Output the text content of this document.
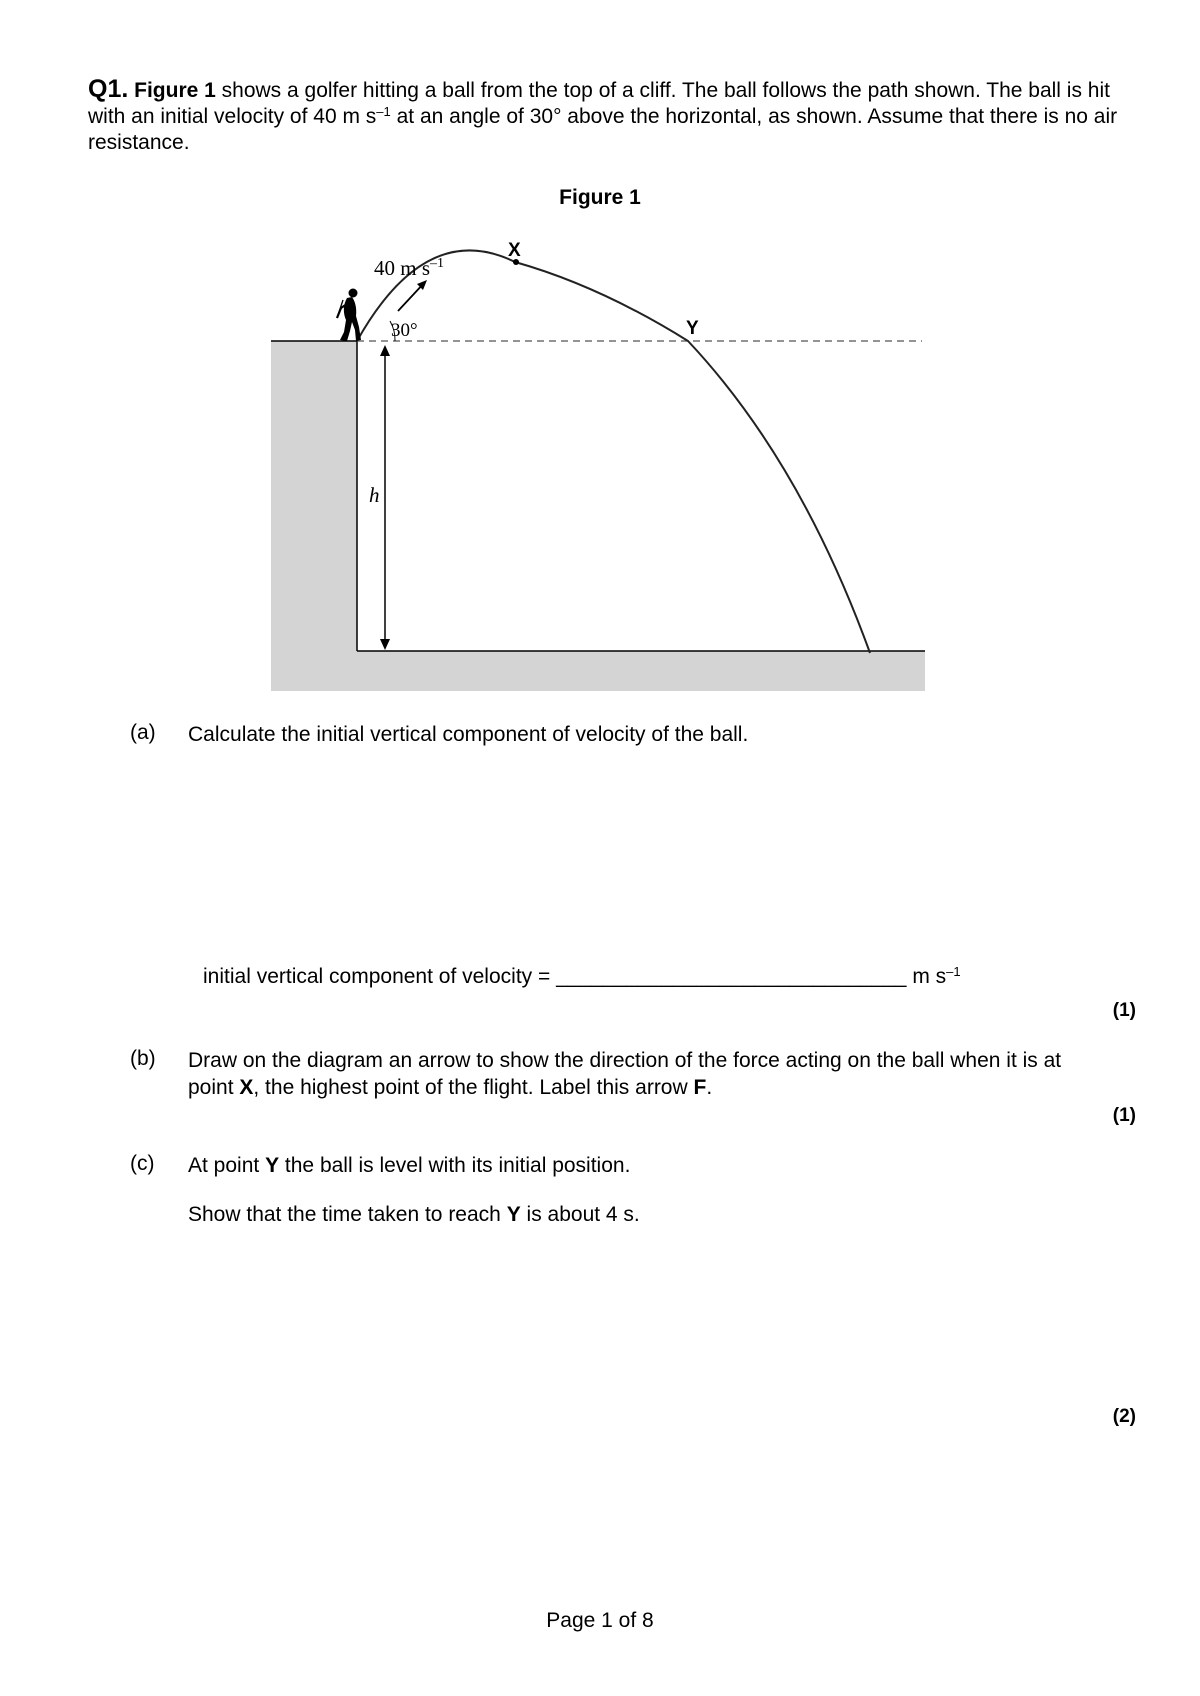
Q1. Figure 1 shows a golfer hitting a ball from the top of a cliff. The ball follows the path shown. The ball is hit with an initial velocity of 40 m $s^{-1}$ at an angle of 30° above the horizontal, as shown. Assume that there is no air resistance.
Figure 1
X
Y
40 m $s^{-1}$
30°
h
(a) Calculate the initial vertical component of velocity of the ball.
initial vertical component of velocity = ______________________________ m $s^{-1}$
(1)
(b) Draw on the diagram an arrow to show the direction of the force acting on the ball when it is at point X, the highest point of the flight. Label this arrow F.
(1)
(c) At point Y the ball is level with its initial position.
Show that the time taken to reach Y is about 4 s.
(2)
Page 1 of 8
